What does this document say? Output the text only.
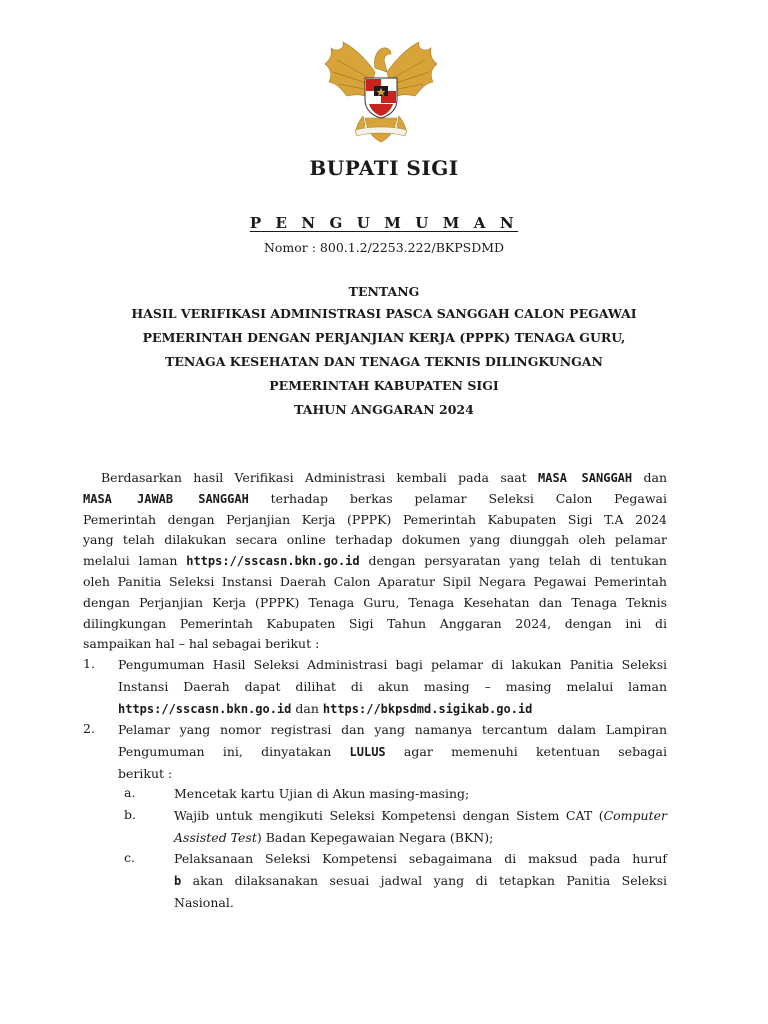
BUPATI SIGI
P E N G U M U M A N
Nomor : 800.1.2/2253.222/BKPSDMD
TENTANG
HASIL VERIFIKASI ADMINISTRASI PASCA SANGGAH CALON PEGAWAI
PEMERINTAH DENGAN PERJANJIAN KERJA (PPPK) TENAGA GURU,
TENAGA KESEHATAN DAN TENAGA TEKNIS DILINGKUNGAN
PEMERINTAH KABUPATEN SIGI
TAHUN ANGGARAN 2024
Berdasarkan hasil Verifikasi Administrasi kembali pada saat MASA SANGGAH dan
MASA JAWAB SANGGAH terhadap berkas pelamar Seleksi Calon Pegawai
Pemerintah dengan Perjanjian Kerja (PPPK) Pemerintah Kabupaten Sigi T.A 2024
yang telah dilakukan secara online terhadap dokumen yang diunggah oleh pelamar
melalui laman https://sscasn.bkn.go.id dengan persyaratan yang telah di tentukan
oleh Panitia Seleksi Instansi Daerah Calon Aparatur Sipil Negara Pegawai Pemerintah
dengan Perjanjian Kerja (PPPK) Tenaga Guru, Tenaga Kesehatan dan Tenaga Teknis
dilingkungan Pemerintah Kabupaten Sigi Tahun Anggaran 2024, dengan ini di
sampaikan hal – hal sebagai berikut :
1. Pengumuman Hasil Seleksi Administrasi bagi pelamar di lakukan Panitia Seleksi
Instansi Daerah dapat dilihat di akun masing – masing melalui laman
https://sscasn.bkn.go.id dan https://bkpsdmd.sigikab.go.id
2. Pelamar yang nomor registrasi dan yang namanya tercantum dalam Lampiran
Pengumuman ini, dinyatakan LULUS agar memenuhi ketentuan sebagai
berikut :
a.	Mencetak kartu Ujian di Akun masing-masing;
b.	Wajib untuk mengikuti Seleksi Kompetensi dengan Sistem CAT (Computer
Assisted Test) Badan Kepegawaian Negara (BKN);
c.	Pelaksanaan Seleksi Kompetensi sebagaimana di maksud pada huruf
b akan dilaksanakan sesuai jadwal yang di tetapkan Panitia Seleksi
Nasional.
